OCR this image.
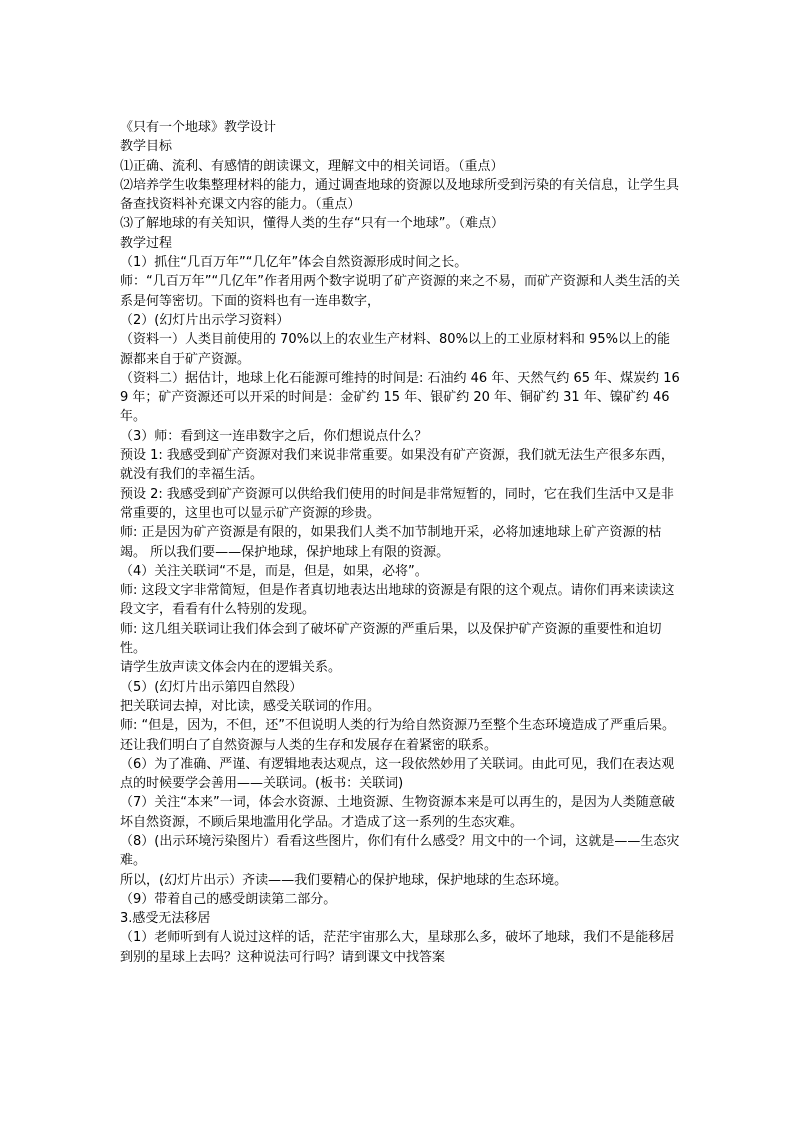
《只有一个地球》教学设计

教学目标

⑴正确、流利、有感情的朗读课文，理解文中的相关词语。（重点）

⑵培养学生收集整理材料的能力，通过调查地球的资源以及地球所受到污染的有关信息，让学生具备查找资料补充课文内容的能力。（重点）

⑶了解地球的有关知识，懂得人类的生存“只有一个地球”。（难点）

教学过程

（1）抓住“几百万年”“几亿年”体会自然资源形成时间之长。

师：“几百万年”“几亿年”作者用两个数字说明了矿产资源的来之不易，而矿产资源和人类生活的关系是何等密切。下面的资料也有一连串数字，

（2）(幻灯片出示学习资料）

（资料一）人类目前使用的 70%以上的农业生产材料、80%以上的工业原材料和 95%以上的能源都来自于矿产资源。

（资料二）据估计，地球上化石能源可维持的时间是: 石油约 46 年、天然气约 65 年、煤炭约 169 年；矿产资源还可以开采的时间是：金矿约 15 年、银矿约 20 年、铜矿约 31 年、镍矿约 46 年。

（3）师：看到这一连串数字之后，你们想说点什么？

预设 1: 我感受到矿产资源对我们来说非常重要。如果没有矿产资源，我们就无法生产很多东西，就没有我们的幸福生活。

预设 2: 我感受到矿产资源可以供给我们使用的时间是非常短暂的，同时，它在我们生活中又是非常重要的，这里也可以显示矿产资源的珍贵。

师: 正是因为矿产资源是有限的，如果我们人类不加节制地开采，必将加速地球上矿产资源的枯竭。 所以我们要——保护地球，保护地球上有限的资源。

（4）关注关联词“不是，而是，但是，如果，必将”。

师: 这段文字非常简短，但是作者真切地表达出地球的资源是有限的这个观点。请你们再来读读这段文字，看看有什么特别的发现。

师: 这几组关联词让我们体会到了破坏矿产资源的严重后果，以及保护矿产资源的重要性和迫切性。

请学生放声读文体会内在的逻辑关系。

（5）(幻灯片出示第四自然段）

把关联词去掉，对比读，感受关联词的作用。

师: “但是，因为，不但，还”不但说明人类的行为给自然资源乃至整个生态环境造成了严重后果。还让我们明白了自然资源与人类的生存和发展存在着紧密的联系。

（6）为了准确、严谨、有逻辑地表达观点，这一段依然妙用了关联词。由此可见，我们在表达观点的时候要学会善用——关联词。(板书：关联词)

（7）关注“本来”一词，体会水资源、土地资源、生物资源本来是可以再生的，是因为人类随意破坏自然资源，不顾后果地滥用化学品。才造成了这一系列的生态灾难。

（8）(出示环境污染图片）看看这些图片，你们有什么感受？用文中的一个词，这就是——生态灾难。

所以，(幻灯片出示）齐读——我们要精心的保护地球，保护地球的生态环境。

（9）带着自己的感受朗读第二部分。

3.感受无法移居

（1）老师听到有人说过这样的话，茫茫宇宙那么大，星球那么多，破坏了地球，我们不是能移居到别的星球上去吗？这种说法可行吗？请到课文中找答案
